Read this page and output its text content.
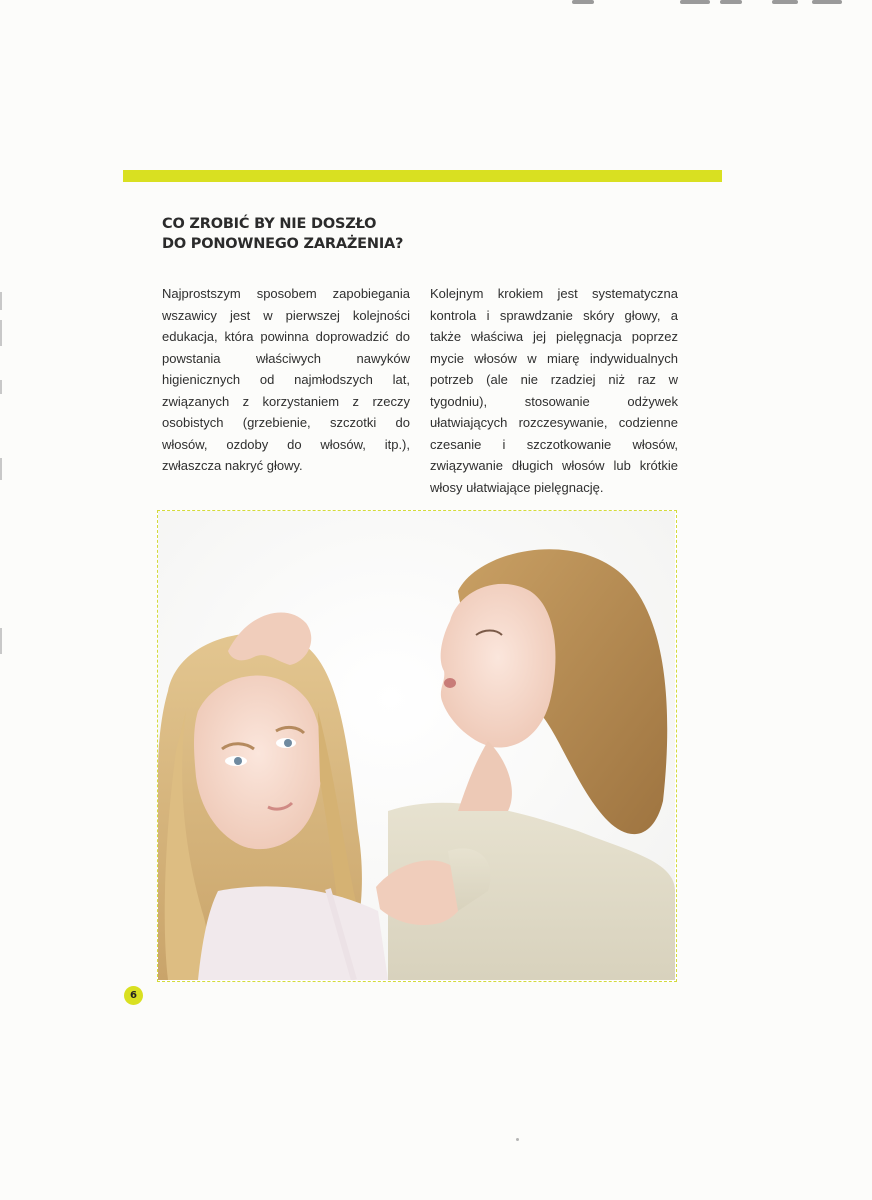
CO ZROBIĆ BY NIE DOSZŁO
DO PONOWNEGO ZARAŻENIA?

Najprostszym sposobem zapobiegania wszawicy jest w pierwszej kolejności edukacja, która powinna doprowadzić do powstania właściwych nawyków higienicznych od najmłodszych lat, związanych z korzystaniem z rzeczy osobistych (grzebienie, szczotki do włosów, ozdoby do włosów, itp.), zwłaszcza nakryć głowy.

Kolejnym krokiem jest systematyczna kontrola i sprawdzanie skóry głowy, a także właściwa jej pielęgnacja poprzez mycie włosów w miarę indywidualnych potrzeb (ale nie rzadziej niż raz w tygodniu), stosowanie odżywek ułatwiających rozczesywanie, codzienne czesanie i szczotkowanie włosów, związywanie długich włosów lub krótkie włosy ułatwiające pielęgnację.

6
